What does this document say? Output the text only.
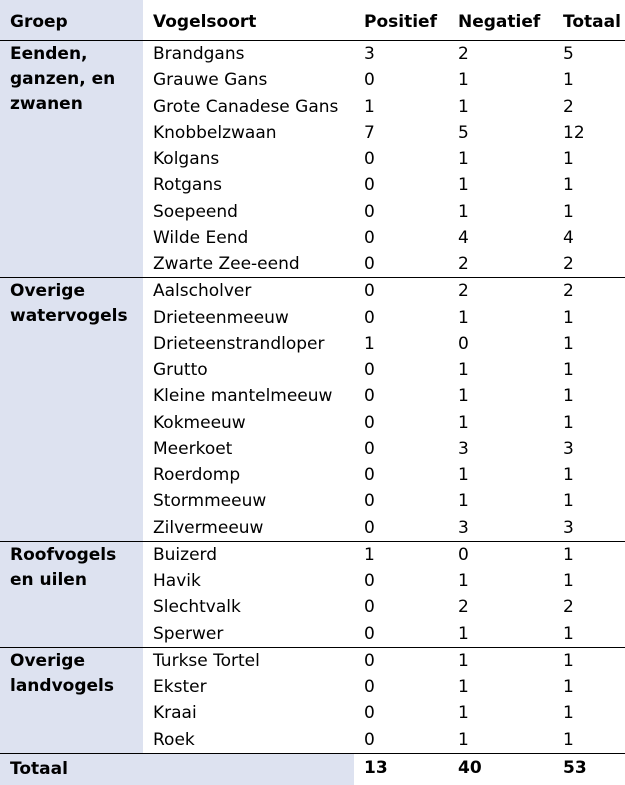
Groep	Vogelsoort	Positief	Negatief	Totaal
Eenden, ganzen, en zwanen	Brandgans	3	2	5
	Grauwe Gans	0	1	1
	Grote Canadese Gans	1	1	2
	Knobbelzwaan	7	5	12
	Kolgans	0	1	1
	Rotgans	0	1	1
	Soepeend	0	1	1
	Wilde Eend	0	4	4
	Zwarte Zee-eend	0	2	2
Overige watervogels	Aalscholver	0	2	2
	Drieteenmeeuw	0	1	1
	Drieteenstrandloper	1	0	1
	Grutto	0	1	1
	Kleine mantelmeeuw	0	1	1
	Kokmeeuw	0	1	1
	Meerkoet	0	3	3
	Roerdomp	0	1	1
	Stormmeeuw	0	1	1
	Zilvermeeuw	0	3	3
Roofvogels en uilen	Buizerd	1	0	1
	Havik	0	1	1
	Slechtvalk	0	2	2
	Sperwer	0	1	1
Overige landvogels	Turkse Tortel	0	1	1
	Ekster	0	1	1
	Kraai	0	1	1
	Roek	0	1	1
Totaal		13	40	53
